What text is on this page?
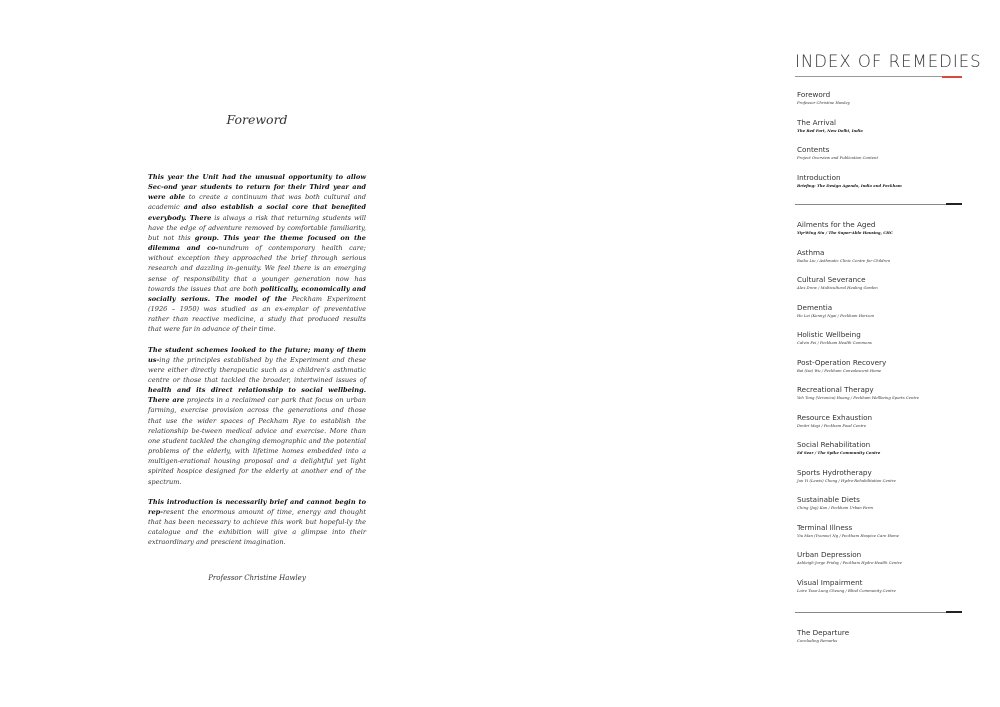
Foreword

This year the Unit had the unusual opportunity to allow Sec-ond year students to return for their Third year and were able to create a continuum that was both cultural and academic and also establish a social core that benefited everybody. There is always a risk that returning students will have the edge of adventure removed by comfortable familiarity, but not this group. This year the theme focused on the dilemma and co-nundrum of contemporary health care; without exception they approached the brief through serious research and dazzling in-genuity. We feel there is an emerging sense of responsibility that a younger generation now has towards the issues that are both politically, economically and socially serious. The model of the Peckham Experiment (1926 – 1950) was studied as an ex-emplar of preventative rather than reactive medicine, a study that produced results that were far in advance of their time.

The student schemes looked to the future; many of them us-ing the principles established by the Experiment and these were either directly therapeutic such as a children's asthmatic centre or those that tackled the broader, intertwined issues of health and its direct relationship to social wellbeing. There are projects in a reclaimed car park that focus on urban farming, exercise provision across the generations and those that use the wider spaces of Peckham Rye to establish the relationship be-tween medical advice and exercise. More than one student tackled the changing demographic and the potential problems of the elderly, with lifetime homes embedded into a multigen-erational housing proposal and a delightful yet light spirited hospice designed for the elderly at another end of the spectrum.

This introduction is necessarily brief and cannot begin to rep-resent the enormous amount of time, energy and thought that has been necessary to achieve this work but hopeful-ly the catalogue and the exhibition will give a glimpse into their extraordinary and prescient imagination.

Professor Christine Hawley
INDEX OF REMEDIES
Foreword
Professor Christine Hawley
The Arrival
The Red Fort, New Delhi, India
Contents
Project Overview and Publication Content
Introduction
Briefing: The Design Agenda, India and Peckham
Ailments for the Aged
Yip-Wing Siu / The Super-Able Housing, CHC
Asthma
Ruibo Liu / Asthmatic Clinic Centre for Children
Cultural Severance
Alex Drew / Multicultural Healing Garden
Dementia
Ho Lai (Kenny) Ngai / Peckham Horizon
Holistic Wellbeing
Calvin Fei / Peckham Health Commons
Post-Operation Recovery
Bai (Isa) Wu / Peckham Convalescent Home
Recreational Therapy
Yeh Tong (Veronica) Huang / Peckham Wellbeing Sports Centre
Resource Exhaustion
Dmitri Mayi / Peckham Food Centre
Social Rehabilitation
Ed Sear / The Spike Community Centre
Sports Hydrotherapy
Jun Yi (Lewis) Chong / Hydro-Rehabilitation Centre
Sustainable Diets
Ching (Jay) Kan / Peckham Urban Farm
Terminal Illness
Yiu Man (Yvonne) Ng / Peckham Hospice Care Home
Urban Depression
Ashleigh-Jorge Friday / Peckham Hydro-Health Centre
Visual Impairment
Loire Tsao-Lung Cheung / Blind Community Centre
The Departure
Concluding Remarks
